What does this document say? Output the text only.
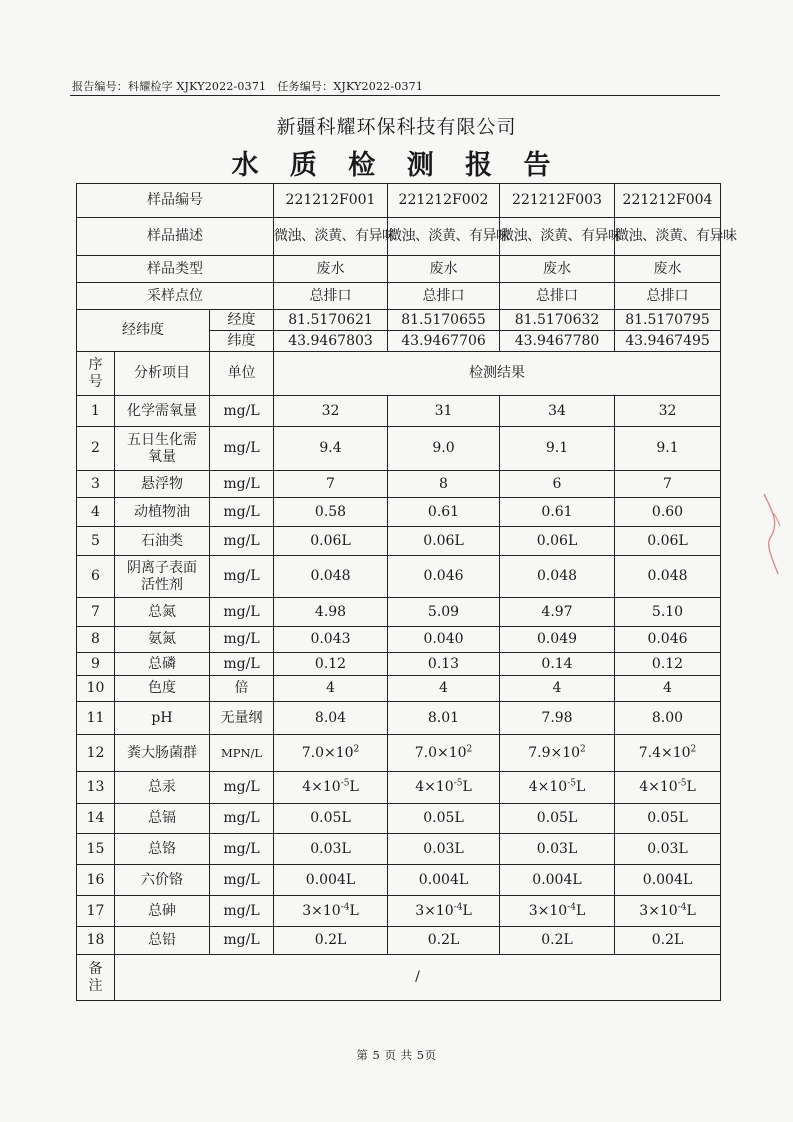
报告编号：科耀检字 XJKY2022-0371 任务编号：XJKY2022-0371
新疆科耀环保科技有限公司
水 质 检 测 报 告
样品编号			221212F001	221212F002	221212F003	221212F004
样品描述			微浊、淡黄、有异味	微浊、淡黄、有异味	微浊、淡黄、有异味	微浊、淡黄、有异味
样品类型			废水	废水	废水	废水
采样点位			总排口	总排口	总排口	总排口
经纬度		经度	81.5170621	81.5170655	81.5170632	81.5170795
		纬度	43.9467803	43.9467706	43.9467780	43.9467495
序
号	分析项目	单位	检测结果			
1	化学需氧量	mg/L	32	31	34	32
2	五日生化需
氧量	mg/L	9.4	9.0	9.1	9.1
3	悬浮物	mg/L	7	8	6	7
4	动植物油	mg/L	0.58	0.61	0.61	0.60
5	石油类	mg/L	0.06L	0.06L	0.06L	0.06L
6	阴离子表面
活性剂	mg/L	0.048	0.046	0.048	0.048
7	总氮	mg/L	4.98	5.09	4.97	5.10
8	氨氮	mg/L	0.043	0.040	0.049	0.046
9	总磷	mg/L	0.12	0.13	0.14	0.12
10	色度	倍	4	4	4	4
11	pH	无量纲	8.04	8.01	7.98	8.00
12	粪大肠菌群	MPN/L	$7.0\times 10^2$	$7.0\times 10^2$	$7.9\times 10^2$	$7.4\times 10^2$
13	总汞	mg/L	$4\times 10^{-5}L$	$4\times 10^{-5}L$	$4\times 10^{-5}L$	$4\times 10^{-5}L$
14	总镉	mg/L	0.05L	0.05L	0.05L	0.05L
15	总铬	mg/L	0.03L	0.03L	0.03L	0.03L
16	六价铬	mg/L	0.004L	0.004L	0.004L	0.004L
17	总砷	mg/L	$3\times 10^{-4}L$	$3\times 10^{-4}L$	$3\times 10^{-4}L$	$3\times 10^{-4}L$
18	总铅	mg/L	0.2L	0.2L	0.2L	0.2L
备
注	/					
第 5 页 共 5页
